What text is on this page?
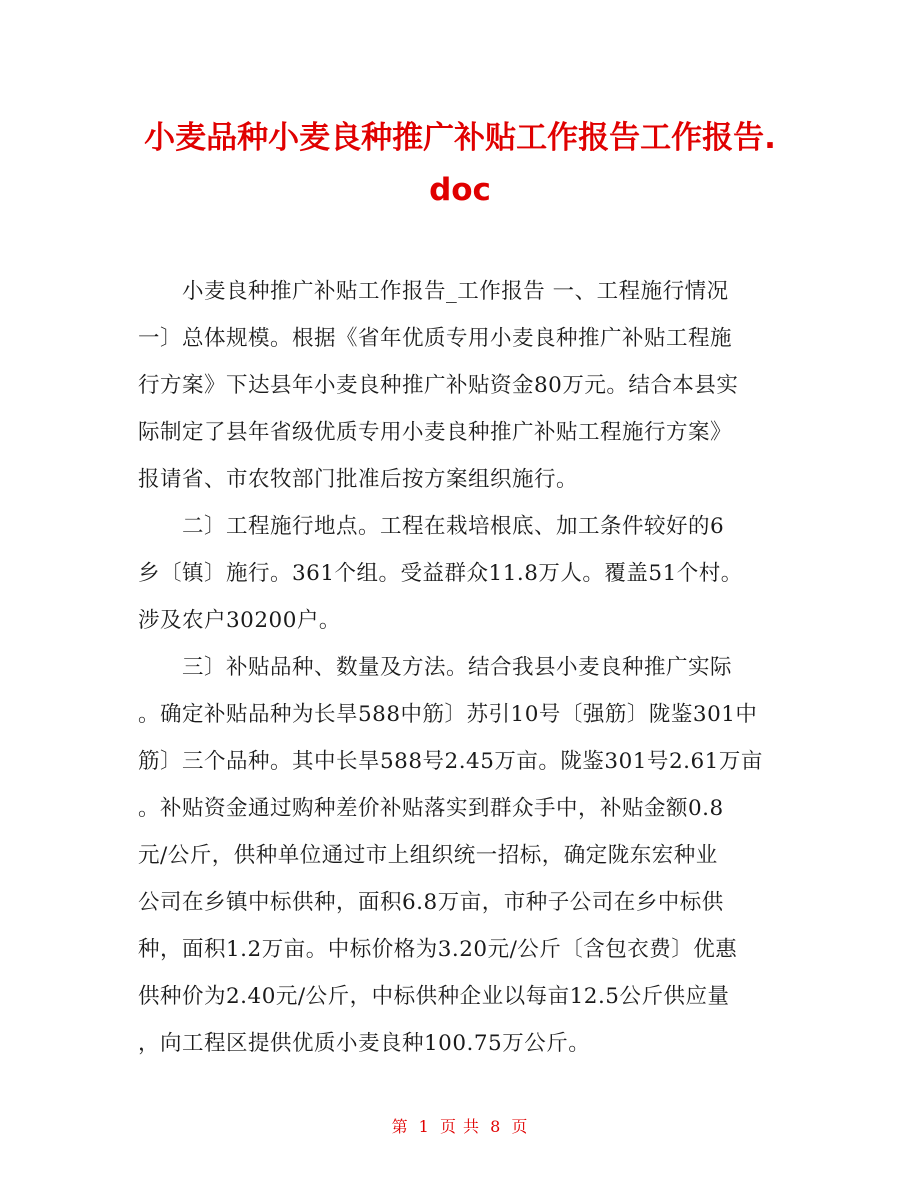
小麦品种小麦良种推广补贴工作报告工作报告.
doc
　　小麦良种推广补贴工作报告_工作报告 一、工程施行情况
一〕总体规模。根据《省年优质专用小麦良种推广补贴工程施
行方案》下达县年小麦良种推广补贴资金80万元。结合本县实
际制定了县年省级优质专用小麦良种推广补贴工程施行方案》
报请省、市农牧部门批准后按方案组织施行。
　　二〕工程施行地点。工程在栽培根底、加工条件较好的6
乡〔镇〕施行。361个组。受益群众11.8万人。覆盖51个村。
涉及农户30200户。
　　三〕补贴品种、数量及方法。结合我县小麦良种推广实际
。确定补贴品种为长旱588中筋〕苏引10号〔强筋〕陇鉴301中
筋〕三个品种。其中长旱588号2.45万亩。陇鉴301号2.61万亩
。补贴资金通过购种差价补贴落实到群众手中，补贴金额0.8
元/公斤，供种单位通过市上组织统一招标，确定陇东宏种业
公司在乡镇中标供种，面积6.8万亩，市种子公司在乡中标供
种，面积1.2万亩。中标价格为3.20元/公斤〔含包衣费〕优惠
供种价为2.40元/公斤，中标供种企业以每亩12.5公斤供应量
，向工程区提供优质小麦良种100.75万公斤。
第 1 页 共 8 页
